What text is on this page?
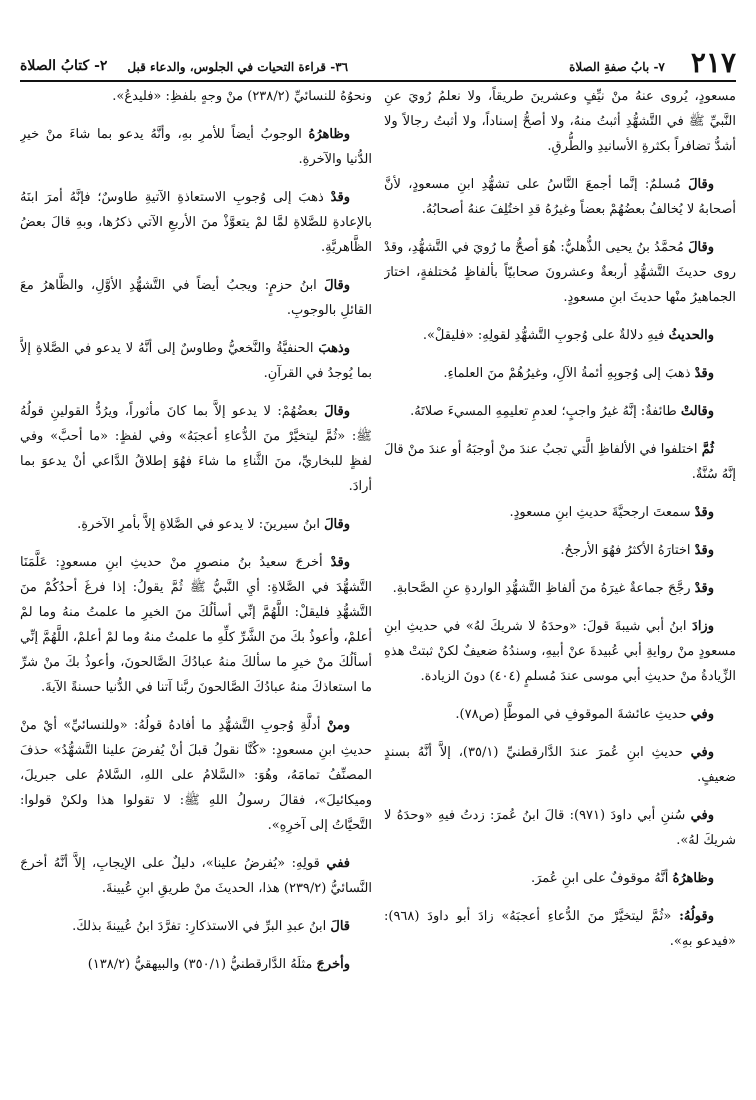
٢١٧
٧- بابُ صفةِ الصلاة
٣٦- قراءة التحيات في الجلوس، والدعاء قبل
٢- كتابُ الصلاة

مسعودٍ، يُروى عنهُ منْ نيِّفٍ وعشرينَ طريقاً، ولا نعلمُ رُويَ عنِ النَّبيِّ ﷺ في التَّشهُّدِ أثبتُ منهُ، ولا أصحُّ إسناداً، ولا أثبتُ رجالاً ولا أشدُّ تضافراً بكثرةِ الأسانيدِ والطُّرقِ.

وقالَ مُسلمٌ: إنَّما أجمعَ النَّاسُ على تشهُّدِ ابنِ مسعودٍ، لأنَّ أصحابهُ لا يُخالفُ بعضُهُمْ بعضاً وغيرُهُ قدِ اختُلِفَ عنهُ أصحابُهُ.

وقالَ مُحمَّدُ بنُ يحيى الذُّهليُّ: هُوَ أصحُّ ما رُويَ في التَّشهُّدِ، وقدْ روى حديثَ التَّشهُّدِ أربعةٌ وعشرونَ صحابيّاً بألفاظٍ مُختلفةٍ، اختارَ الجماهيرُ منْها حديثَ ابنِ مسعودٍ.

والحديثُ فيهِ دلالةٌ على وُجوبِ التَّشهُّدِ لقولِهِ: «فليقلْ».

وقدْ ذهبَ إلى وُجوبِهِ أئمةُ الآلِ، وغيرُهُمْ منَ العلماءِ.

وقالتْ طائفةٌ: إنَّهُ غيرُ واجبٍ؛ لعدمِ تعليمِهِ المسيءَ صلاتَهُ.

ثُمَّ اختلفوا في الألفاظِ الَّتي تجبُ عندَ منْ أوجبَهُ أو عندَ منْ قالَ إنَّهُ سُنَّةٌ.

وقدْ سمعتَ ارجحيَّةَ حديثِ ابنِ مسعودٍ.

وقدْ اختارَهُ الأكثرُ فهُوَ الأرجحُ.

وقدْ رجَّحَ جماعةٌ غيرَهُ منَ ألفاظِ التَّشهُّدِ الواردةِ عنِ الصَّحابةِ.

وزادَ ابنُ أبي شيبةَ قولَ: «وحدَهُ لا شريكَ لهُ» في حديثِ ابنِ مسعودٍ منْ روايةِ أبي عُبيدةَ عنْ أبيهِ، وسندُهُ ضعيفٌ لكنْ ثبتتْ هذهِ الزِّيادةُ منْ حديثِ أبي موسى عندَ مُسلمٍ (٤٠٤) دونَ الزيادة.

وفي حديثِ عائشةَ الموقوفِ في الموطَّإ (ص٧٨).

وفي حديثِ ابنِ عُمرَ عندَ الدَّارقطنيِّ (٣٥/١)، إلاَّ أنَّهُ بسندٍ ضعيفٍ.

وفي سُننِ أبي داودَ (٩٧١): قالَ ابنُ عُمرَ: زدتُ فيهِ «وحدَهُ لا شريكَ لهُ».

وظاهرُهُ أنَّهُ موقوفٌ على ابنِ عُمرَ.

وقولُهُ: «ثُمَّ ليتخيَّرْ منَ الدُّعاءِ أعجبَهُ» زادَ أبو داودَ (٩٦٨): «فيدعو بهِ».

ونحوُهُ للنسائيِّ (٢٣٨/٢) منْ وجهٍ بلفظِ: «فليدعُ».

وظاهرُهُ الوجوبُ أيضاً للأمرِ بهِ، وأنَّهُ يدعو بما شاءَ منْ خيرِ الدُّنيا والآخرةِ.

وقدْ ذهبَ إلى وُجوبِ الاستعاذةِ الآتيةِ طاوسٌ؛ فإنَّهُ أمرَ ابنَهُ بالإعادةِ للصَّلاةِ لمَّا لمْ يتعوَّذْ منَ الأربعِ الآتي ذكرُها، وبهِ قالَ بعضُ الظَّاهريَّةِ.

وقالَ ابنُ حزمٍ: ويجبُ أيضاً في التَّشهُّدِ الأوَّلِ، والظَّاهرُ معَ القائلِ بالوجوبِ.

وذهبَ الحنفيَّةُ والنَّخعيُّ وطاوسٌ إلى أنَّهُ لا يدعو في الصَّلاةِ إلاَّ بما يُوجدُ في القرآنِ.

وقالَ بعضُهُمْ: لا يدعو إلاَّ بما كانَ مأثوراً، ويرُدُّ القولينِ قولُهُ ﷺ: «ثُمَّ ليتخيَّرْ منَ الدُّعاءِ أعجبَهُ» وفي لفظٍ: «ما أحبَّ» وفي لفظٍ للبخاريِّ، منَ الثَّناءِ ما شاءَ فهُوَ إطلاقُ الدَّاعي أنْ يدعوَ بما أرادَ.

وقالَ ابنُ سيرينَ: لا يدعو في الصَّلاةِ إلاَّ بأمرِ الآخرةِ.

وقدْ أخرجَ سعيدُ بنُ منصورٍ منْ حديثِ ابنِ مسعودٍ: عَلَّمَنَا التَّشهُّدَ في الصَّلاةِ: أيِ النَّبيُّ ﷺ ثُمَّ يقولُ: إذا فرغَ أحدُكُمْ منَ التَّشهُّدِ فليقلْ: اللَّهُمَّ إنِّي أسألُكَ منَ الخيرِ ما علمتُ منهُ وما لمْ أعلمْ، وأعوذُ بكَ منَ الشَّرِّ كلِّهِ ما علمتُ منهُ وما لمْ أعلمْ، اللَّهُمَّ إنِّي أسألُكَ منْ خيرِ ما سألكَ منهُ عبادُكَ الصَّالحونَ، وأعوذُ بكَ منْ شرِّ ما استعاذكَ منهُ عبادُكَ الصَّالحونَ ربَّنا آتنا في الدُّنيا حسنةً الآيةَ.

ومنْ أدلَّةِ وُجوبِ التَّشهُّدِ ما أفادهُ قولُهُ: «وللنسائيِّ» أيْ منْ حديثِ ابنِ مسعودٍ: «كُنَّا نقولُ قبلَ أنْ يُفرضَ علينا التَّشهُّدُ» حذفَ المصنِّفُ تمامَهُ، وهُوَ: «السَّلامُ على اللهِ، السَّلامُ على جبريلَ، وميكائيلَ»، فقالَ رسولُ اللهِ ﷺ: لا تقولوا هذا ولكنْ قولوا: التَّحيَّاتُ إلى آخرِهِ».

ففي قولِهِ: «يُفرضُ علينا»، دليلٌ على الإيجابِ، إلاَّ أنَّهُ أخرجَ النَّسائيُّ (٢٣٩/٢) هذا، الحديثَ منْ طريقِ ابنِ عُيينةَ.

قالَ ابنُ عبدِ البرِّ في الاستذكارِ: تفرَّدَ ابنُ عُيينةَ بذلكَ.

وأخرجَ مثلَهُ الدَّارقطنيُّ (٣٥٠/١) والبيهقيُّ (١٣٨/٢)
